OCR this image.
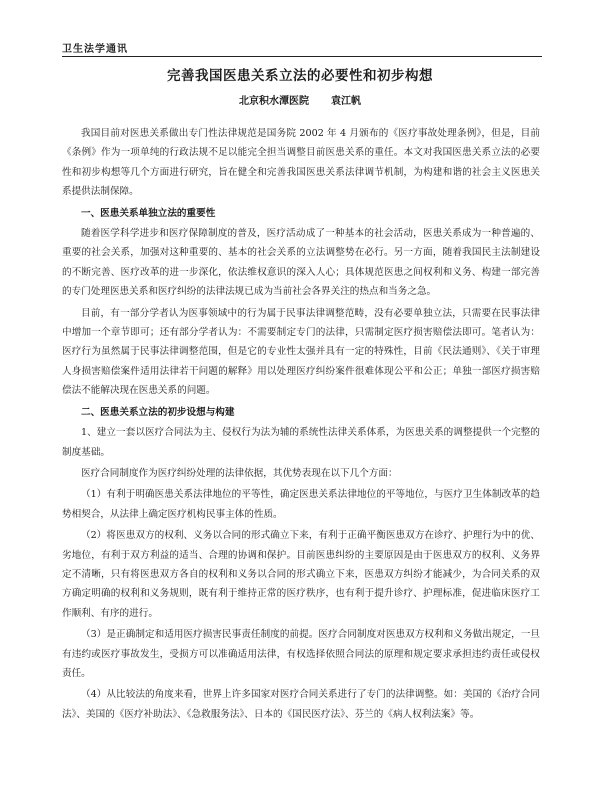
卫生法学通讯
完善我国医患关系立法的必要性和初步构想
北京积水潭医院 袁江帆

我国目前对医患关系做出专门性法律规范是国务院 2002 年 4 月颁布的《医疗事故处理条例》，但是，目前《条例》作为一项单纯的行政法规不足以能完全担当调整目前医患关系的重任。本文对我国医患关系立法的必要性和初步构想等几个方面进行研究，旨在健全和完善我国医患关系法律调节机制，为构建和谐的社会主义医患关系提供法制保障。

一、医患关系单独立法的重要性

随着医学科学进步和医疗保障制度的普及，医疗活动成了一种基本的社会活动，医患关系成为一种普遍的、重要的社会关系，加强对这种重要的、基本的社会关系的立法调整势在必行。另一方面，随着我国民主法制建设的不断完善、医疗改革的进一步深化，依法维权意识的深入人心；具体规范医患之间权利和义务、构建一部完善的专门处理医患关系和医疗纠纷的法律法规已成为当前社会各界关注的热点和当务之急。

目前，有一部分学者认为医事领域中的行为属于民事法律调整范畴，没有必要单独立法，只需要在民事法律中增加一个章节即可；还有部分学者认为：不需要制定专门的法律，只需制定医疗损害赔偿法即可。笔者认为：医疗行为虽然属于民事法律调整范围，但是它的专业性太强并具有一定的特殊性，目前《民法通则》、《关于审理人身损害赔偿案件适用法律若干问题的解释》用以处理医疗纠纷案件很难体现公平和公正；单独一部医疗损害赔偿法不能解决现在医患关系的问题。

二、医患关系立法的初步设想与构建

1、建立一套以医疗合同法为主、侵权行为法为辅的系统性法律关系体系，为医患关系的调整提供一个完整的制度基础。

医疗合同制度作为医疗纠纷处理的法律依据，其优势表现在以下几个方面：

（1）有利于明确医患关系法律地位的平等性，确定医患关系法律地位的平等地位，与医疗卫生体制改革的趋势相契合，从法律上确定医疗机构民事主体的性质。

（2）将医患双方的权利、义务以合同的形式确立下来，有利于正确平衡医患双方在诊疗、护理行为中的优、劣地位，有利于双方利益的适当、合理的协调和保护。目前医患纠纷的主要原因是由于医患双方的权利、义务界定不清晰，只有将医患双方各自的权利和义务以合同的形式确立下来，医患双方纠纷才能减少，为合同关系的双方确定明确的权利和义务规则，既有利于维持正常的医疗秩序，也有利于提升诊疗、护理标准，促进临床医疗工作顺利、有序的进行。

（3）是正确制定和适用医疗损害民事责任制度的前提。医疗合同制度对医患双方权利和义务做出规定，一旦有违约或医疗事故发生，受损方可以准确适用法律，有权选择依照合同法的原理和规定要求承担违约责任或侵权责任。

（4）从比较法的角度来看，世界上许多国家对医疗合同关系进行了专门的法律调整。如：美国的《治疗合同法》、美国的《医疗补助法》、《急救服务法》、日本的《国民医疗法》、芬兰的《病人权利法案》等。
